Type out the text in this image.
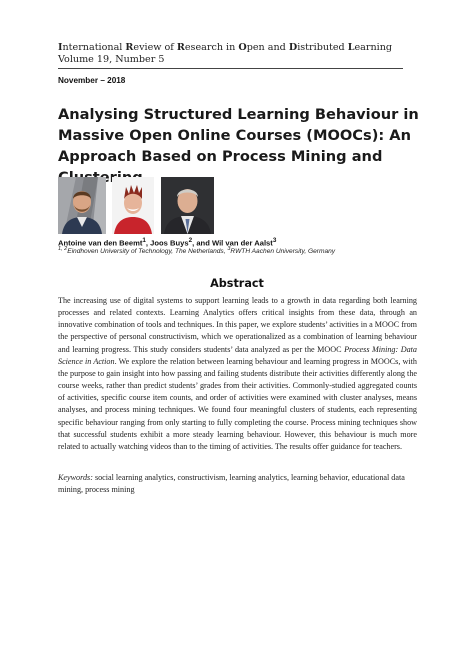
International Review of Research in Open and Distributed Learning
Volume 19, Number 5
November – 2018
Analysing Structured Learning Behaviour in Massive Open Online Courses (MOOCs): An Approach Based on Process Mining and
Antoine van den Beemt$^1$, Joos Buys$^2$, and Wil van der Aalst$^3$
$^{1, 2}$Eindhoven University of Technology, The Netherlands, $^3$RWTH Aachen University, Germany
Abstract

The increasing use of digital systems to support learning leads to a growth in data regarding both learning processes and related contexts. Learning Analytics offers critical insights from these data, through an innovative combination of tools and techniques. In this paper, we explore students’ activities in a MOOC from the perspective of personal constructivism, which we operationalized as a combination of learning behaviour and learning progress. This study considers students’ data analyzed as per the MOOC Process Mining: Data Science in Action. We explore the relation between learning behaviour and learning progress in MOOCs, with the purpose to gain insight into how passing and failing students distribute their activities differently along the course weeks, rather than predict students’ grades from their activities. Commonly-studied aggregated counts of activities, specific course item counts, and order of activities were examined with cluster analyses, means analyses, and process mining techniques. We found four meaningful clusters of students, each representing specific behaviour ranging from only starting to fully completing the course. Process mining techniques show that successful students exhibit a more steady learning behaviour. However, this behaviour is much more related to actually watching videos than to the timing of activities. The results offer guidance for teachers.

Keywords: social learning analytics, constructivism, learning analytics, learning behavior, educational data mining, process mining
